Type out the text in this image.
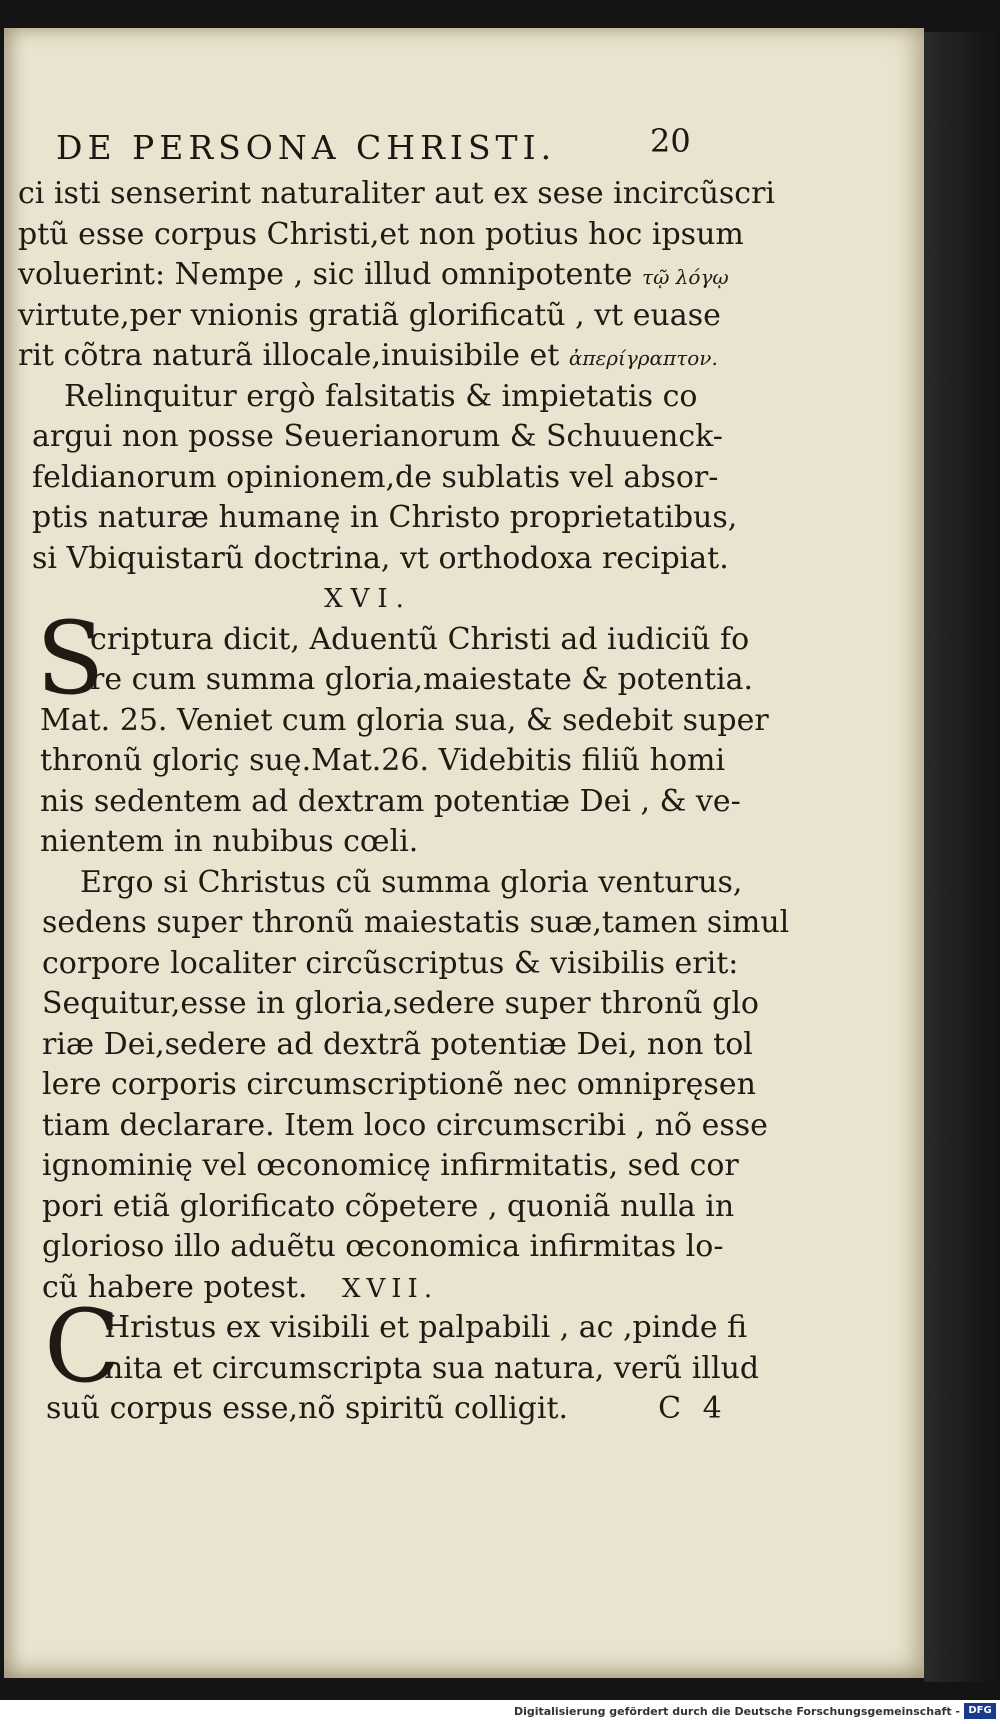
DE PERSONA CHRISTI.	20
ci isti senserint naturaliter aut ex sese incircũscri
ptũ esse corpus Christi,et non potius hoc ipsum
voluerint: Nempe , sic illud omnipotente τῷ λόγῳ
virtute,per vnionis gratiã glorificatũ , vt euase
rit cõtra naturã illocale,inuisibile et ἀπερίγραπτον.
Relinquitur ergò falsitatis & impietatis co
argui non posse Seuerianorum & Schuuenck-
feldianorum opinionem,de sublatis vel absor-
ptis naturæ humanę in Christo proprietatibus,
si Vbiquistarũ doctrina, vt orthodoxa recipiat.
XVI.
S
criptura dicit, Aduentũ Christi ad iudiciũ fo
re cum summa gloria,maiestate & potentia.
Mat. 25. Veniet cum gloria sua, & sedebit super
thronũ gloriç suę.Mat.26. Videbitis filiũ homi
nis sedentem ad dextram potentiæ Dei , & ve-
nientem in nubibus cœli.
Ergo si Christus cũ summa gloria venturus,
sedens super thronũ maiestatis suæ,tamen simul
corpore localiter circũscriptus & visibilis erit:
Sequitur,esse in gloria,sedere super thronũ glo
riæ Dei,sedere ad dextrã potentiæ Dei, non tol
lere corporis circumscriptionẽ nec omnipręsen
tiam declarare. Item loco circumscribi , nõ esse
ignominię vel œconomicę infirmitatis, sed cor
pori etiã glorificato cõpetere , quoniã nulla in
glorioso illo aduẽtu œconomica infirmitas lo-
cũ habere potest. XVII.
C
Hristus ex visibili et palpabili , ac ,pinde fi
nita et circumscripta sua natura, verũ illud
suũ corpus esse,nõ spiritũ colligit.	C 4
Digitalisierung gefördert durch die Deutsche Forschungsgemeinschaft - DFG
